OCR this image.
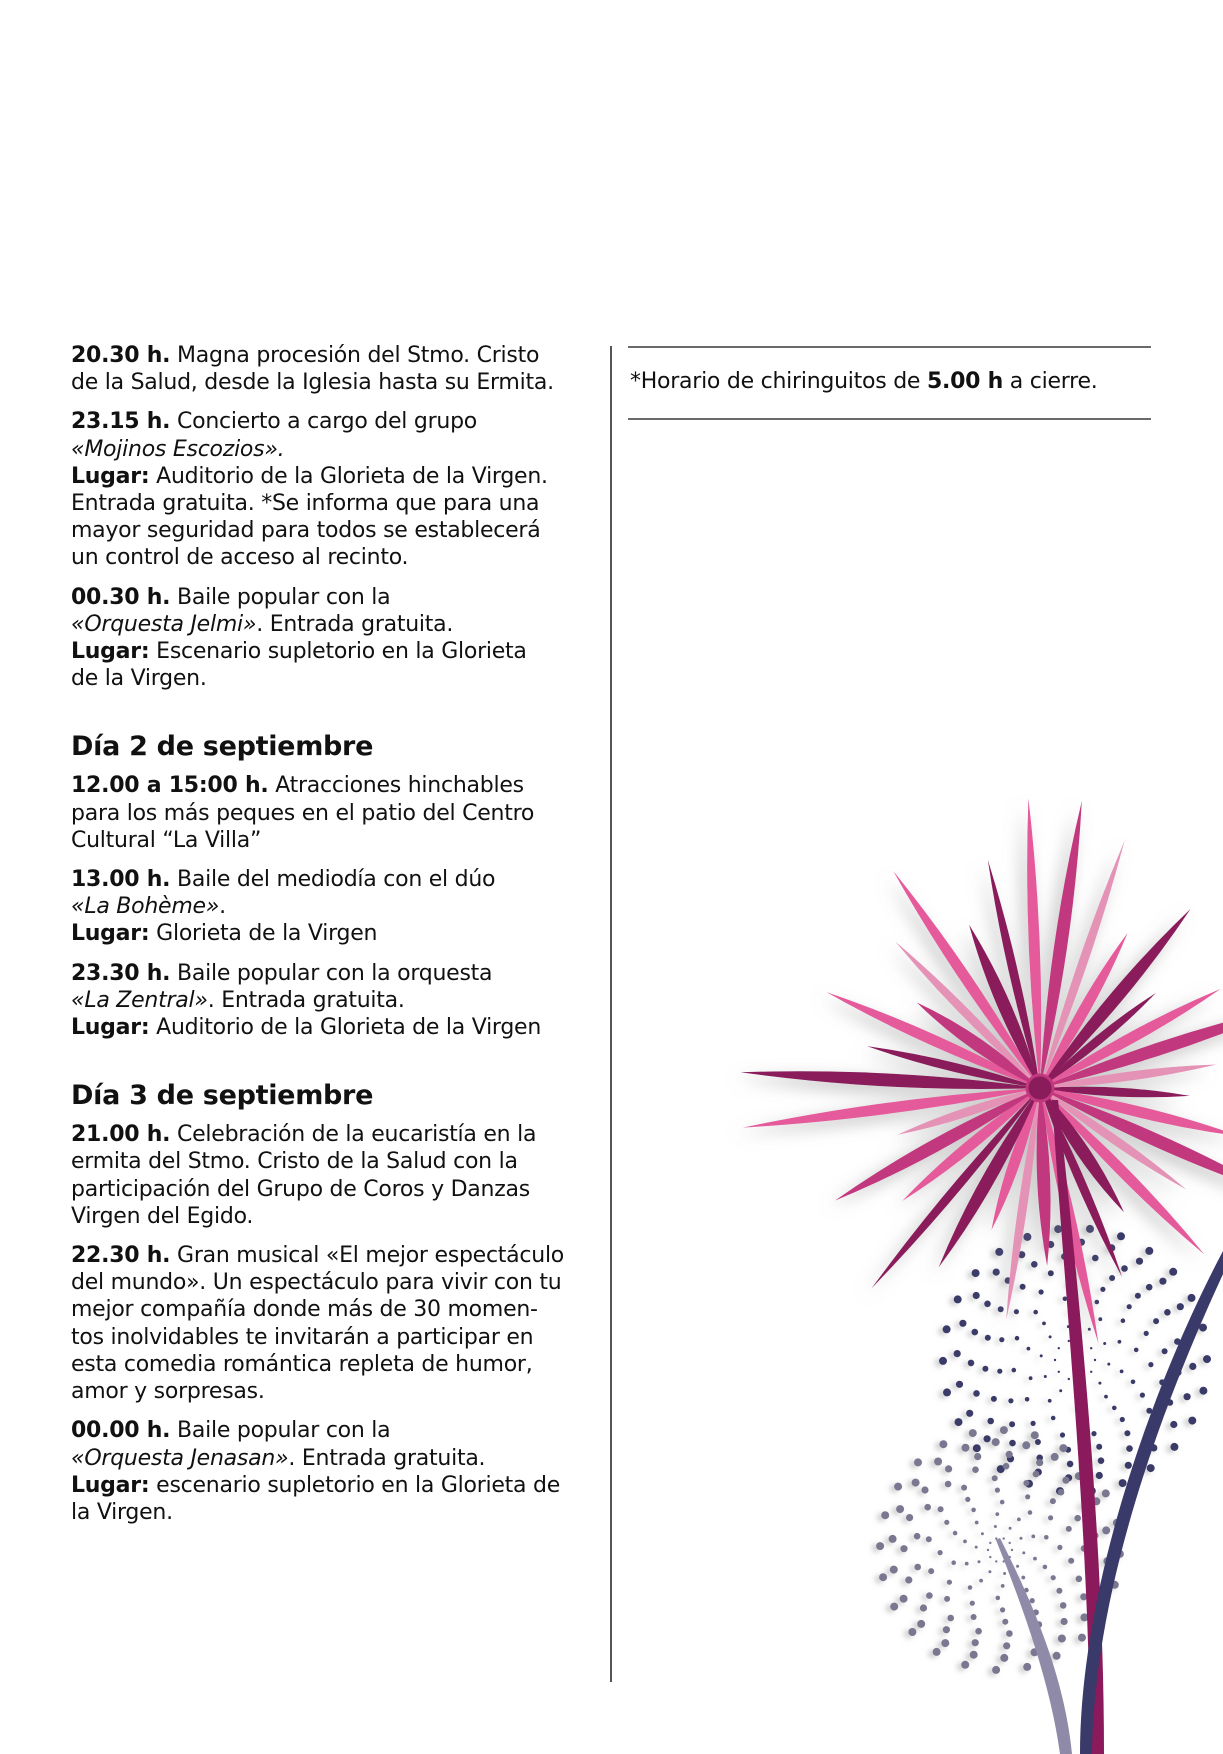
20.30 h. Magna procesión del Stmo. Cristo
de la Salud, desde la Iglesia hasta su Ermita.

23.15 h. Concierto a cargo del grupo
«Mojinos Escozios».
Lugar: Auditorio de la Glorieta de la Virgen.
Entrada gratuita. *Se informa que para una
mayor seguridad para todos se establecerá
un control de acceso al recinto.

00.30 h. Baile popular con la
«Orquesta Jelmi». Entrada gratuita.
Lugar: Escenario supletorio en la Glorieta
de la Virgen.

Día 2 de septiembre

12.00 a 15:00 h. Atracciones hinchables
para los más peques en el patio del Centro
Cultural “La Villa”

13.00 h. Baile del mediodía con el dúo
«La Bohème».
Lugar: Glorieta de la Virgen

23.30 h. Baile popular con la orquesta
«La Zentral». Entrada gratuita.
Lugar: Auditorio de la Glorieta de la Virgen

Día 3 de septiembre

21.00 h. Celebración de la eucaristía en la
ermita del Stmo. Cristo de la Salud con la
participación del Grupo de Coros y Danzas
Virgen del Egido.

22.30 h. Gran musical «El mejor espectáculo
del mundo». Un espectáculo para vivir con tu
mejor compañía donde más de 30 momen-
tos inolvidables te invitarán a participar en
esta comedia romántica repleta de humor,
amor y sorpresas.

00.00 h. Baile popular con la
«Orquesta Jenasan». Entrada gratuita.
Lugar: escenario supletorio en la Glorieta de
la Virgen.

*Horario de chiringuitos de 5.00 h a cierre.
